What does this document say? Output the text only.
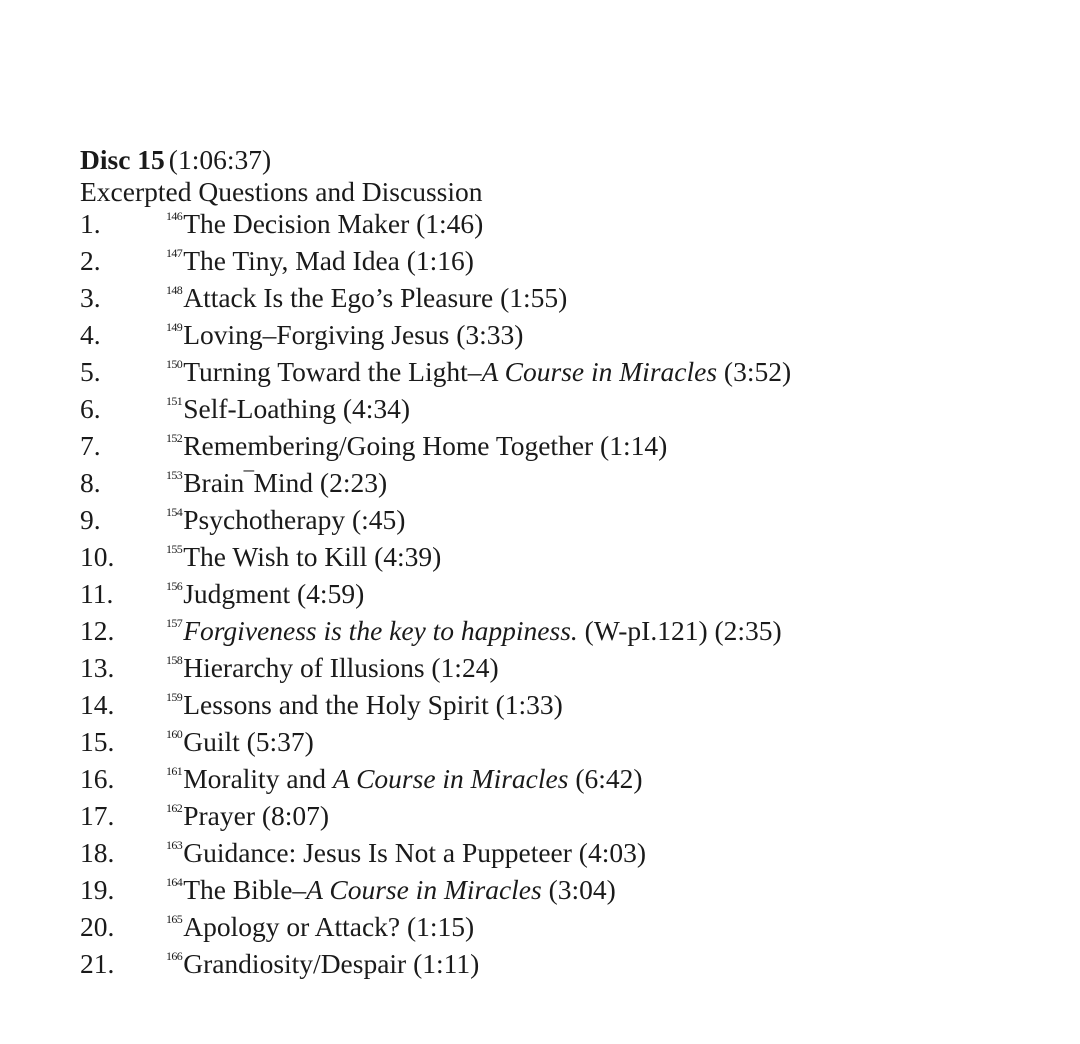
Disc 15 (1:06:37)
Excerpted Questions and Discussion
1.	$^{146}$The Decision Maker (1:46)
2.	$^{147}$The Tiny, Mad Idea (1:16)
3.	$^{148}$Attack Is the Ego’s Pleasure (1:55)
4.	$^{149}$Loving–Forgiving Jesus (3:33)
5.	$^{150}$Turning Toward the Light–A Course in Miracles (3:52)
6.	$^{151}$Self-Loathing (4:34)
7.	$^{152}$Remembering/Going Home Together (1:14)
8.	$^{153}$Brain‾Mind (2:23)
9.	$^{154}$Psychotherapy (:45)
10.	$^{155}$The Wish to Kill (4:39)
11.	$^{156}$Judgment (4:59)
12.	$^{157}$Forgiveness is the key to happiness. (W-pI.121) (2:35)
13.	$^{158}$Hierarchy of Illusions (1:24)
14.	$^{159}$Lessons and the Holy Spirit (1:33)
15.	$^{160}$Guilt (5:37)
16.	$^{161}$Morality and A Course in Miracles (6:42)
17.	$^{162}$Prayer (8:07)
18.	$^{163}$Guidance: Jesus Is Not a Puppeteer (4:03)
19.	$^{164}$The Bible–A Course in Miracles (3:04)
20.	$^{165}$Apology or Attack? (1:15)
21.	$^{166}$Grandiosity/Despair (1:11)
